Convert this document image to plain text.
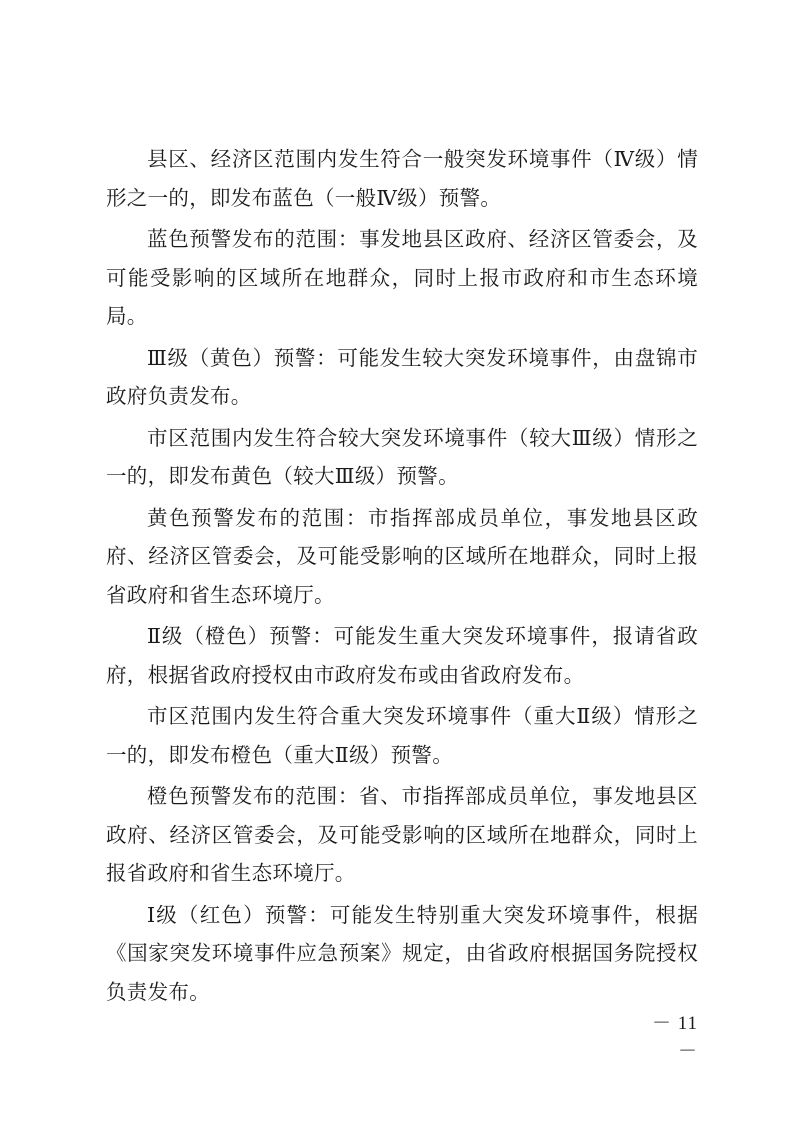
县区、经济区范围内发生符合一般突发环境事件（Ⅳ级）情形之一的，即发布蓝色（一般Ⅳ级）预警。

蓝色预警发布的范围：事发地县区政府、经济区管委会，及可能受影响的区域所在地群众，同时上报市政府和市生态环境局。

Ⅲ级（黄色）预警：可能发生较大突发环境事件，由盘锦市政府负责发布。

市区范围内发生符合较大突发环境事件（较大Ⅲ级）情形之一的，即发布黄色（较大Ⅲ级）预警。

黄色预警发布的范围：市指挥部成员单位，事发地县区政府、经济区管委会，及可能受影响的区域所在地群众，同时上报省政府和省生态环境厅。

Ⅱ级（橙色）预警：可能发生重大突发环境事件，报请省政府，根据省政府授权由市政府发布或由省政府发布。

市区范围内发生符合重大突发环境事件（重大Ⅱ级）情形之一的，即发布橙色（重大Ⅱ级）预警。

橙色预警发布的范围：省、市指挥部成员单位，事发地县区政府、经济区管委会，及可能受影响的区域所在地群众，同时上报省政府和省生态环境厅。

Ⅰ级（红色）预警：可能发生特别重大突发环境事件，根据《国家突发环境事件应急预案》规定，由省政府根据国务院授权负责发布。

－ 11 －
